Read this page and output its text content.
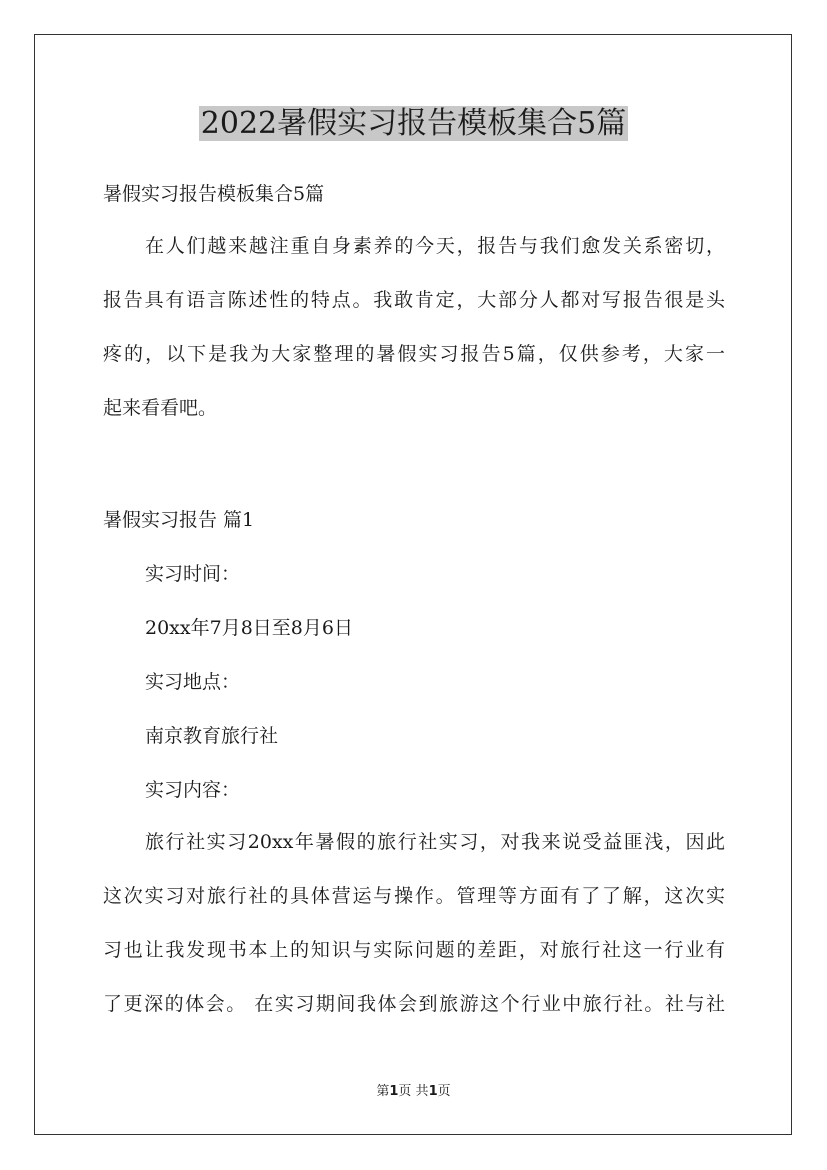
2022暑假实习报告模板集合5篇
暑假实习报告模板集合5篇
在人们越来越注重自身素养的今天，报告与我们愈发关系密切，
报告具有语言陈述性的特点。我敢肯定，大部分人都对写报告很是头
疼的，以下是我为大家整理的暑假实习报告5篇，仅供参考，大家一
起来看看吧。
暑假实习报告 篇1
实习时间：
20xx年7月8日至8月6日
实习地点：
南京教育旅行社
实习内容：
旅行社实习20xx年暑假的旅行社实习，对我来说受益匪浅，因此
这次实习对旅行社的具体营运与操作。管理等方面有了了解，这次实
习也让我发现书本上的知识与实际问题的差距，对旅行社这一行业有
了更深的体会。 在实习期间我体会到旅游这个行业中旅行社。社与社
第1页 共1页
